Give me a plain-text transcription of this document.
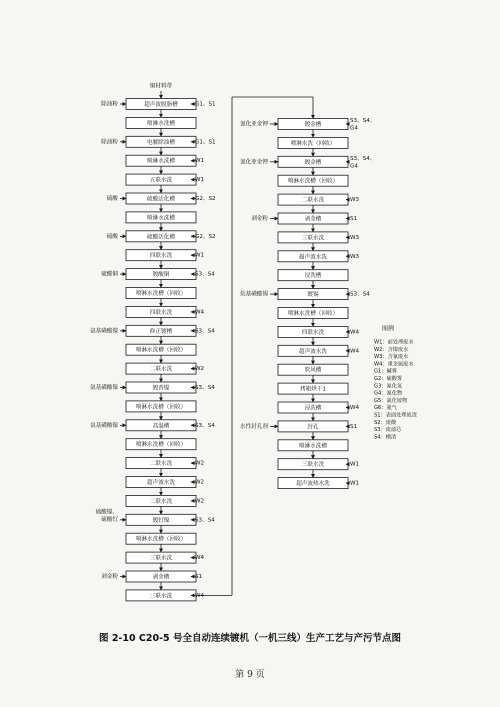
铜材料带
超声波脱脂槽
除油粉	G1、S1
喷淋水洗槽
电解除油槽
除油粉	G1、S1
喷淋水洗槽	W1
五联水洗	W1
硫酸活化槽
硫酸	G2、S2
喷淋水洗槽
硫酸活化槽
硫酸	G2、S2
四联水洗	W1
镀酸铜
硫酸铜	S3、S4
喷淋水洗槽（回收）
四联水洗	W4
修正镀槽
氨基磺酸镍	S3、S4
喷淋水洗槽（回收）
二联水洗	W2
镀普镍
氨基磺酸镍	S3、S4
喷淋水洗槽（回收）
高温槽
氨基磺酸镍	S3、S4
喷淋水洗槽（回收）
二联水洗	W2
超声波水洗	W2
二联水洗	W2
镀钌镍
硫酸镍、
硫酸钌	S3、S4
喷淋水洗槽（回收）
三联水洗	W4
剥金槽
剥金粉	S1
三联水洗	W4
镀金槽
氰化亚金钾
S3、S4、
G4
喷淋水洗（回收）
镀金槽
氰化亚金钾
S3、S4、
G4
喷淋水洗槽（回收）
二联水洗	W3
剥金槽
剥金粉	S1
三联水洗	W3
超声波水洗	W3
浸洗槽
镀锡
烷基磺酸锡	S3、S4
喷淋水洗槽（回收）
四联水洗	W4
超声波水洗	W4
吹风槽
烤箱烘干1
浸洗槽	W4
封孔
水性封孔剂	S1
喷淋水洗槽
三联水洗	W1
超声波热水洗	W1
图例
W1：前处理废水
W2：含镍废水
W3：含氰废水
W4：重金属废水
G1：碱雾
G2：硫酸雾
G3：氰化氢
G4：氰化物
G5：氯化铵物
G6：氨气
S1：表面处理废渣
S2：废酸
S3：废滤芯
S4：槽渣
图 2-10 C20-5 号全自动连续镀机（一机三线）生产工艺与产污节点图
第 9 页
